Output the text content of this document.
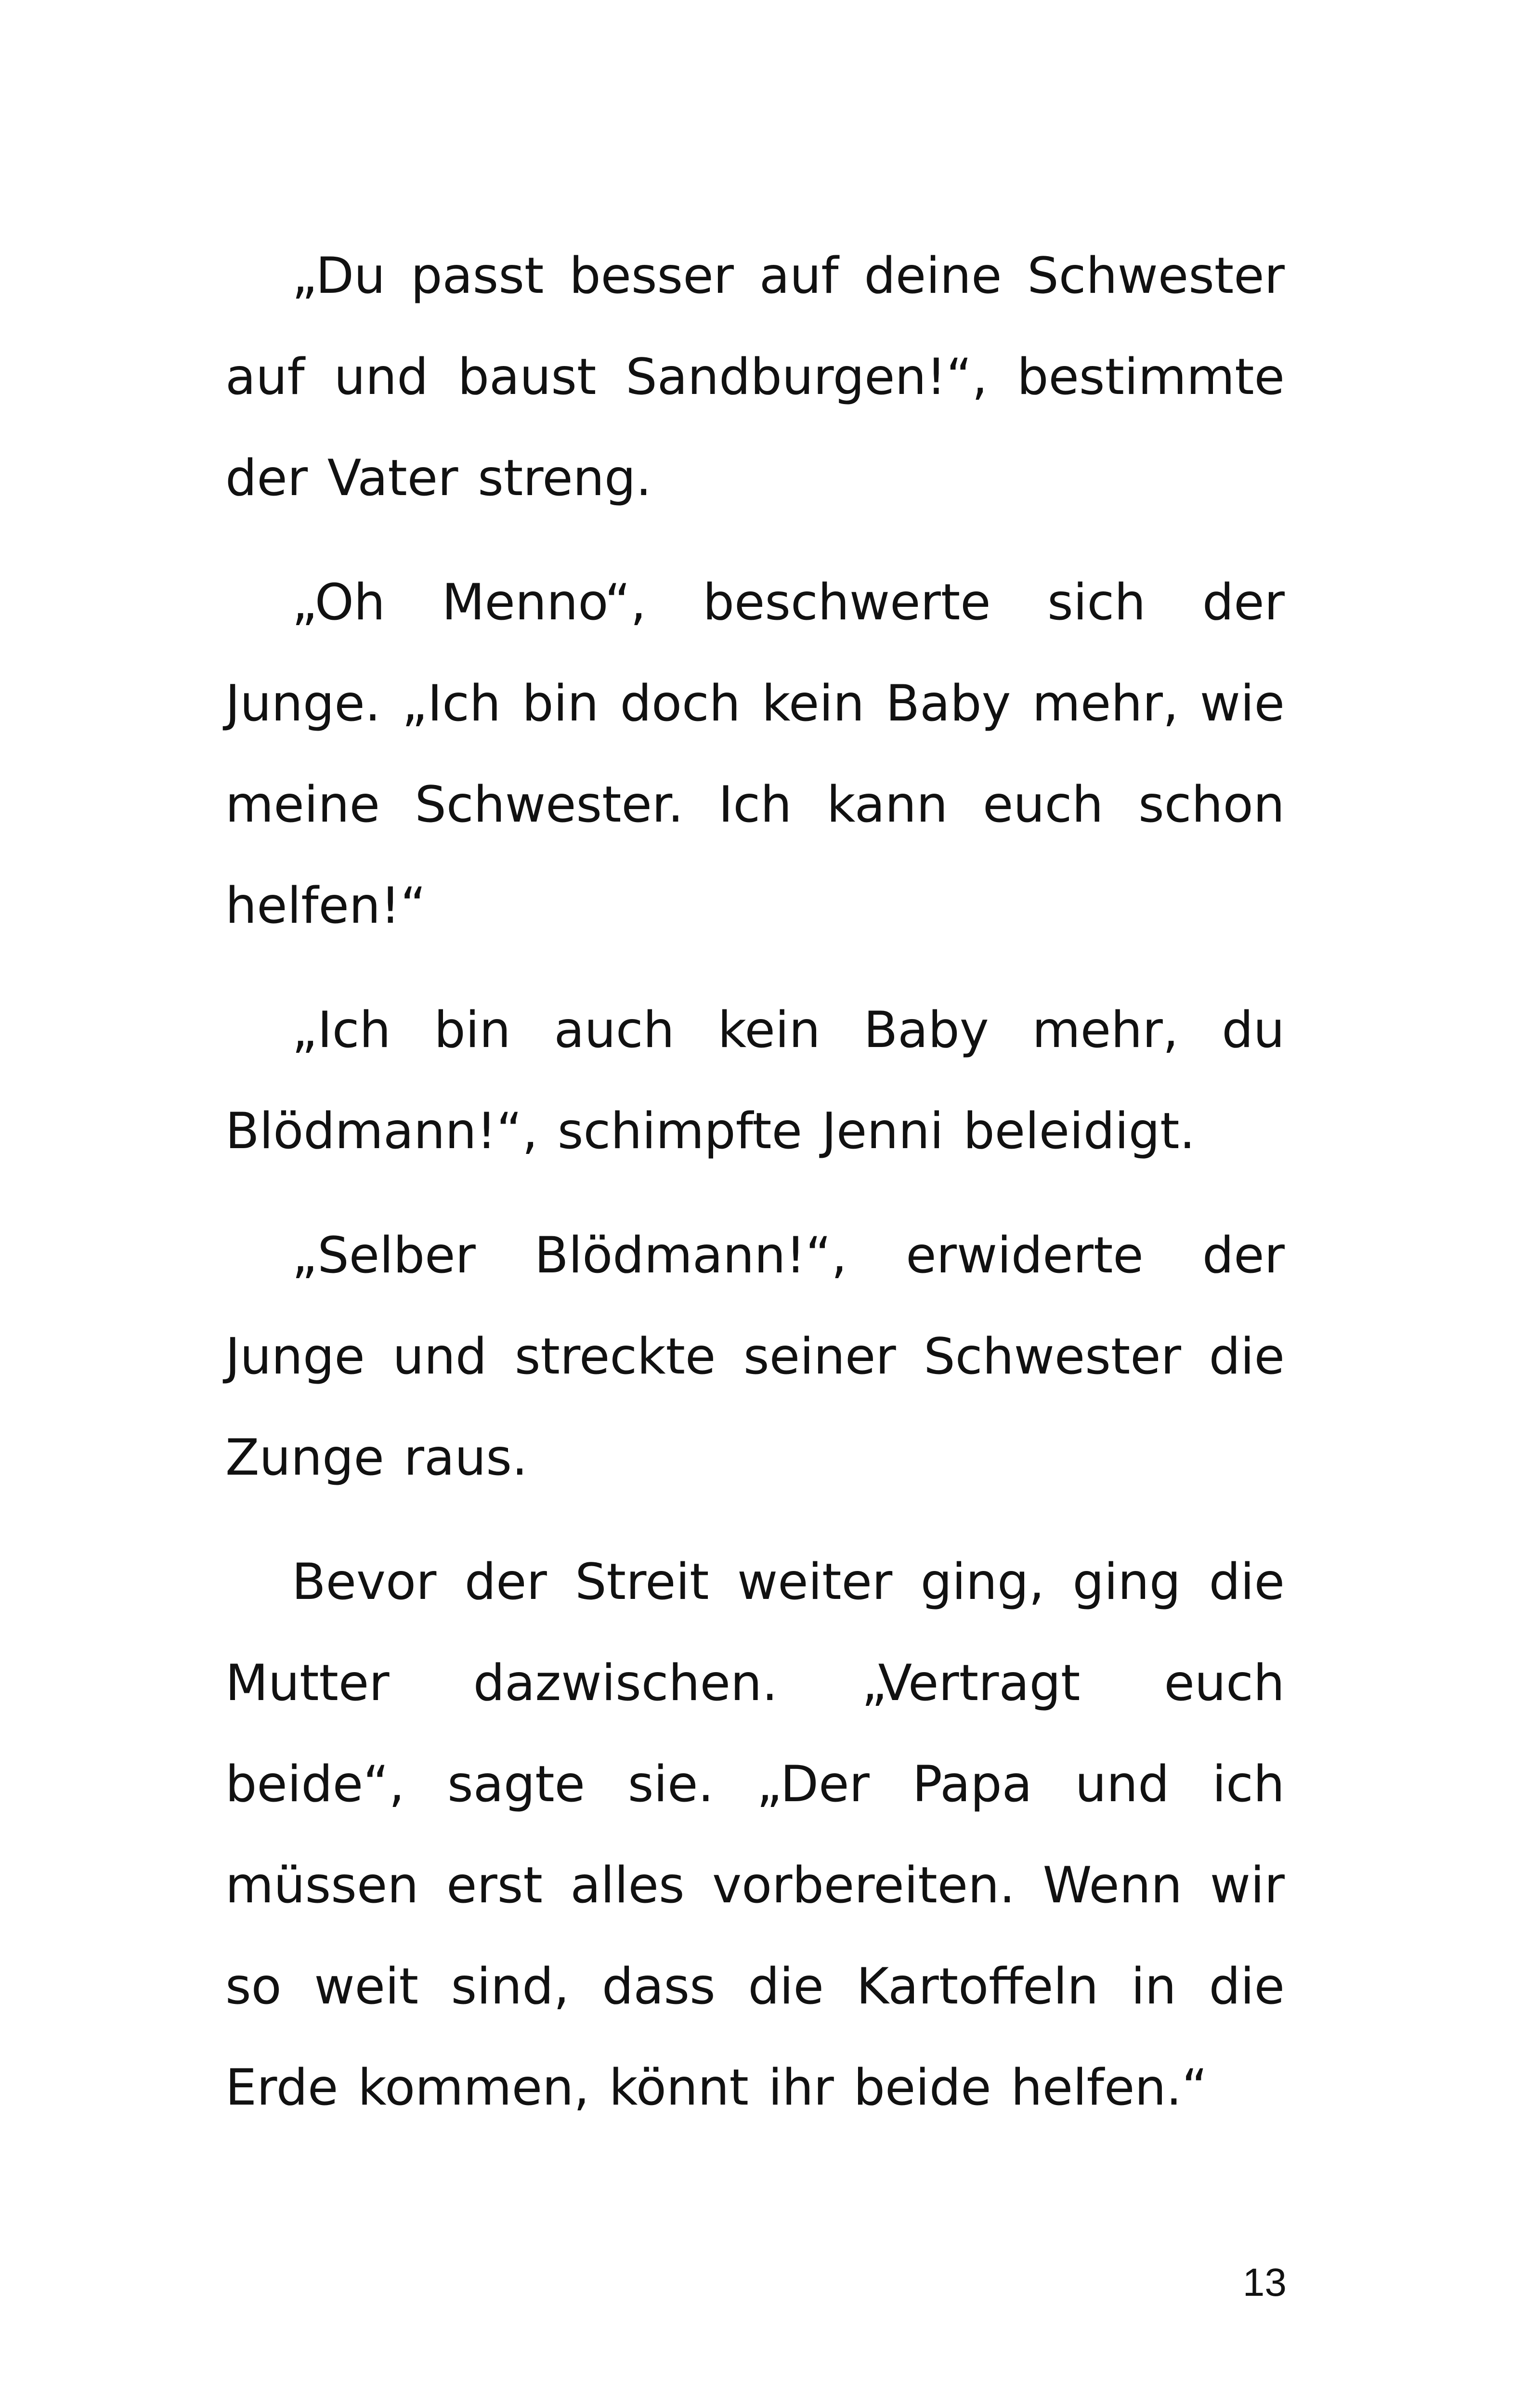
„Du passt besser auf deine Schwester auf und baust Sandburgen!“, bestimmte der Vater streng.

„Oh Menno“, beschwerte sich der Junge. „Ich bin doch kein Baby mehr, wie meine Schwester. Ich kann euch schon helfen!“

„Ich bin auch kein Baby mehr, du Blödmann!“, schimpfte Jenni beleidigt.

„Selber Blödmann!“, erwiderte der Junge und streckte seiner Schwester die Zunge raus.

Bevor der Streit weiter ging, ging die Mutter dazwischen. „Vertragt euch beide“, sagte sie. „Der Papa und ich müssen erst alles vorbereiten. Wenn wir so weit sind, dass die Kartoffeln in die Erde kommen, könnt ihr beide helfen.“

13
